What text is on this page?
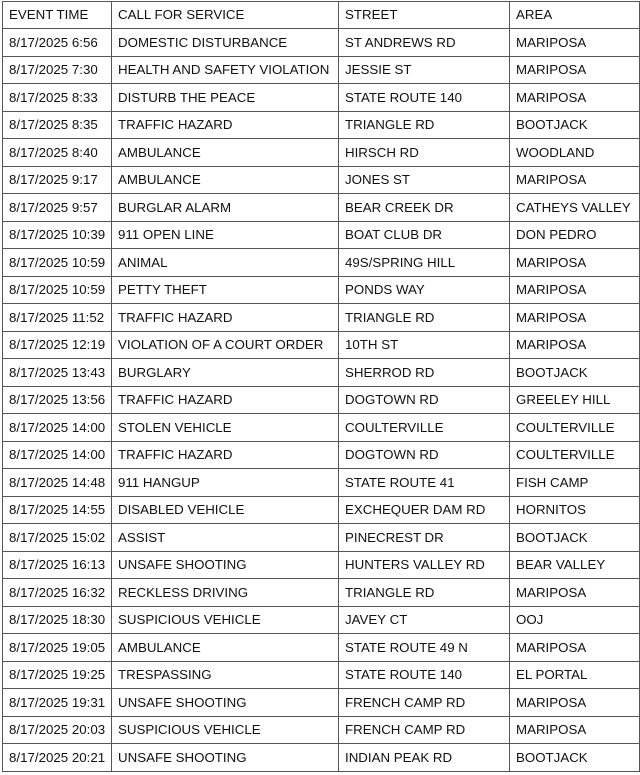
EVENT TIME	CALL FOR SERVICE	STREET	AREA
8/17/2025 6:56	DOMESTIC DISTURBANCE	ST ANDREWS RD	MARIPOSA
8/17/2025 7:30	HEALTH AND SAFETY VIOLATION	JESSIE ST	MARIPOSA
8/17/2025 8:33	DISTURB THE PEACE	STATE ROUTE 140	MARIPOSA
8/17/2025 8:35	TRAFFIC HAZARD	TRIANGLE RD	BOOTJACK
8/17/2025 8:40	AMBULANCE	HIRSCH RD	WOODLAND
8/17/2025 9:17	AMBULANCE	JONES ST	MARIPOSA
8/17/2025 9:57	BURGLAR ALARM	BEAR CREEK DR	CATHEYS VALLEY
8/17/2025 10:39	911 OPEN LINE	BOAT CLUB DR	DON PEDRO
8/17/2025 10:59	ANIMAL	49S/SPRING HILL	MARIPOSA
8/17/2025 10:59	PETTY THEFT	PONDS WAY	MARIPOSA
8/17/2025 11:52	TRAFFIC HAZARD	TRIANGLE RD	MARIPOSA
8/17/2025 12:19	VIOLATION OF A COURT ORDER	10TH ST	MARIPOSA
8/17/2025 13:43	BURGLARY	SHERROD RD	BOOTJACK
8/17/2025 13:56	TRAFFIC HAZARD	DOGTOWN RD	GREELEY HILL
8/17/2025 14:00	STOLEN VEHICLE	COULTERVILLE	COULTERVILLE
8/17/2025 14:00	TRAFFIC HAZARD	DOGTOWN RD	COULTERVILLE
8/17/2025 14:48	911 HANGUP	STATE ROUTE 41	FISH CAMP
8/17/2025 14:55	DISABLED VEHICLE	EXCHEQUER DAM RD	HORNITOS
8/17/2025 15:02	ASSIST	PINECREST DR	BOOTJACK
8/17/2025 16:13	UNSAFE SHOOTING	HUNTERS VALLEY RD	BEAR VALLEY
8/17/2025 16:32	RECKLESS DRIVING	TRIANGLE RD	MARIPOSA
8/17/2025 18:30	SUSPICIOUS VEHICLE	JAVEY CT	OOJ
8/17/2025 19:05	AMBULANCE	STATE ROUTE 49 N	MARIPOSA
8/17/2025 19:25	TRESPASSING	STATE ROUTE 140	EL PORTAL
8/17/2025 19:31	UNSAFE SHOOTING	FRENCH CAMP RD	MARIPOSA
8/17/2025 20:03	SUSPICIOUS VEHICLE	FRENCH CAMP RD	MARIPOSA
8/17/2025 20:21	UNSAFE SHOOTING	INDIAN PEAK RD	BOOTJACK
